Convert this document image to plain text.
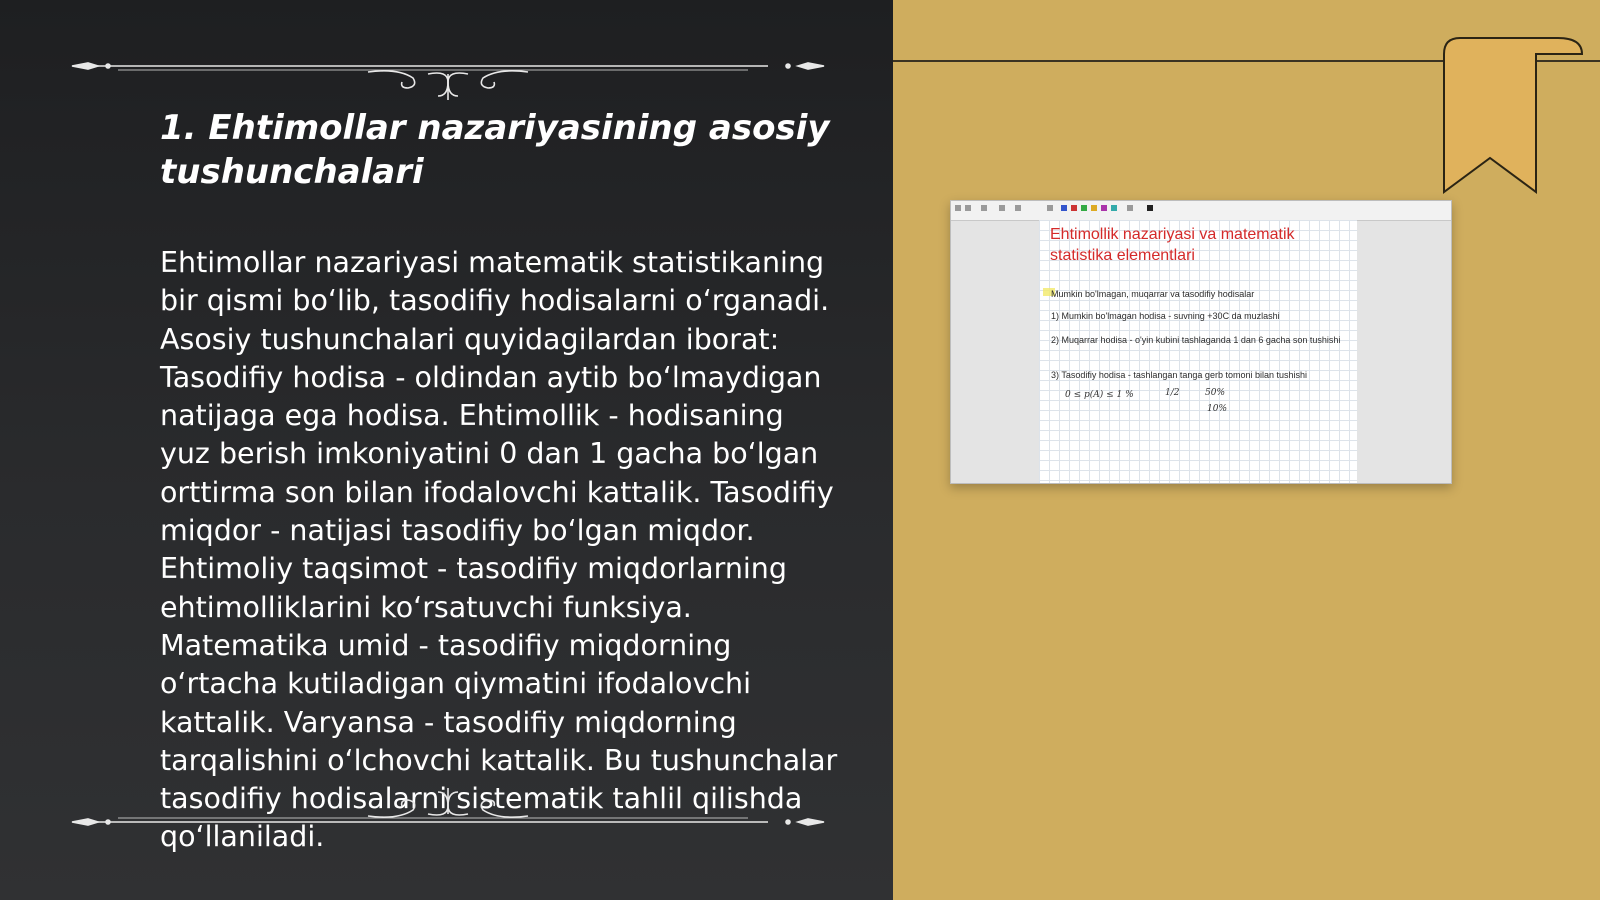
1. Ehtimollar nazariyasining asosiy tushunchalari

Ehtimollar nazariyasi matematik statistikaning bir qismi bo‘lib, tasodifiy hodisalarni o‘rganadi. Asosiy tushunchalari quyidagilardan iborat: Tasodifiy hodisa - oldindan aytib bo‘lmaydigan natijaga ega hodisa. Ehtimollik - hodisaning yuz berish imkoniyatini 0 dan 1 gacha bo‘lgan orttirma son bilan ifodalovchi kattalik. Tasodifiy miqdor - natijasi tasodifiy bo‘lgan miqdor. Ehtimoliy taqsimot - tasodifiy miqdorlarning ehtimolliklarini ko‘rsatuvchi funksiya. Matematika umid - tasodifiy miqdorning o‘rtacha kutiladigan qiymatini ifodalovchi kattalik. Varyansa - tasodifiy miqdorning tarqalishini o‘lchovchi kattalik. Bu tushunchalar tasodifiy hodisalarni sistematik tahlil qilishda qo‘llaniladi.

Ehtimollik nazariyasi va matematik statistika elementlari
Mumkin bo'lmagan, muqarrar va tasodifiy hodisalar
1) Mumkin bo'lmagan hodisa - suvning +30C da muzlashi
2) Muqarrar hodisa - o'yin kubini tashlaganda 1 dan 6 gacha son tushishi
3) Tasodifiy hodisa - tashlangan tanga gerb tomoni bilan tushishi
0 ≤ p(A) ≤ 1 %	1/2	50%
10%
